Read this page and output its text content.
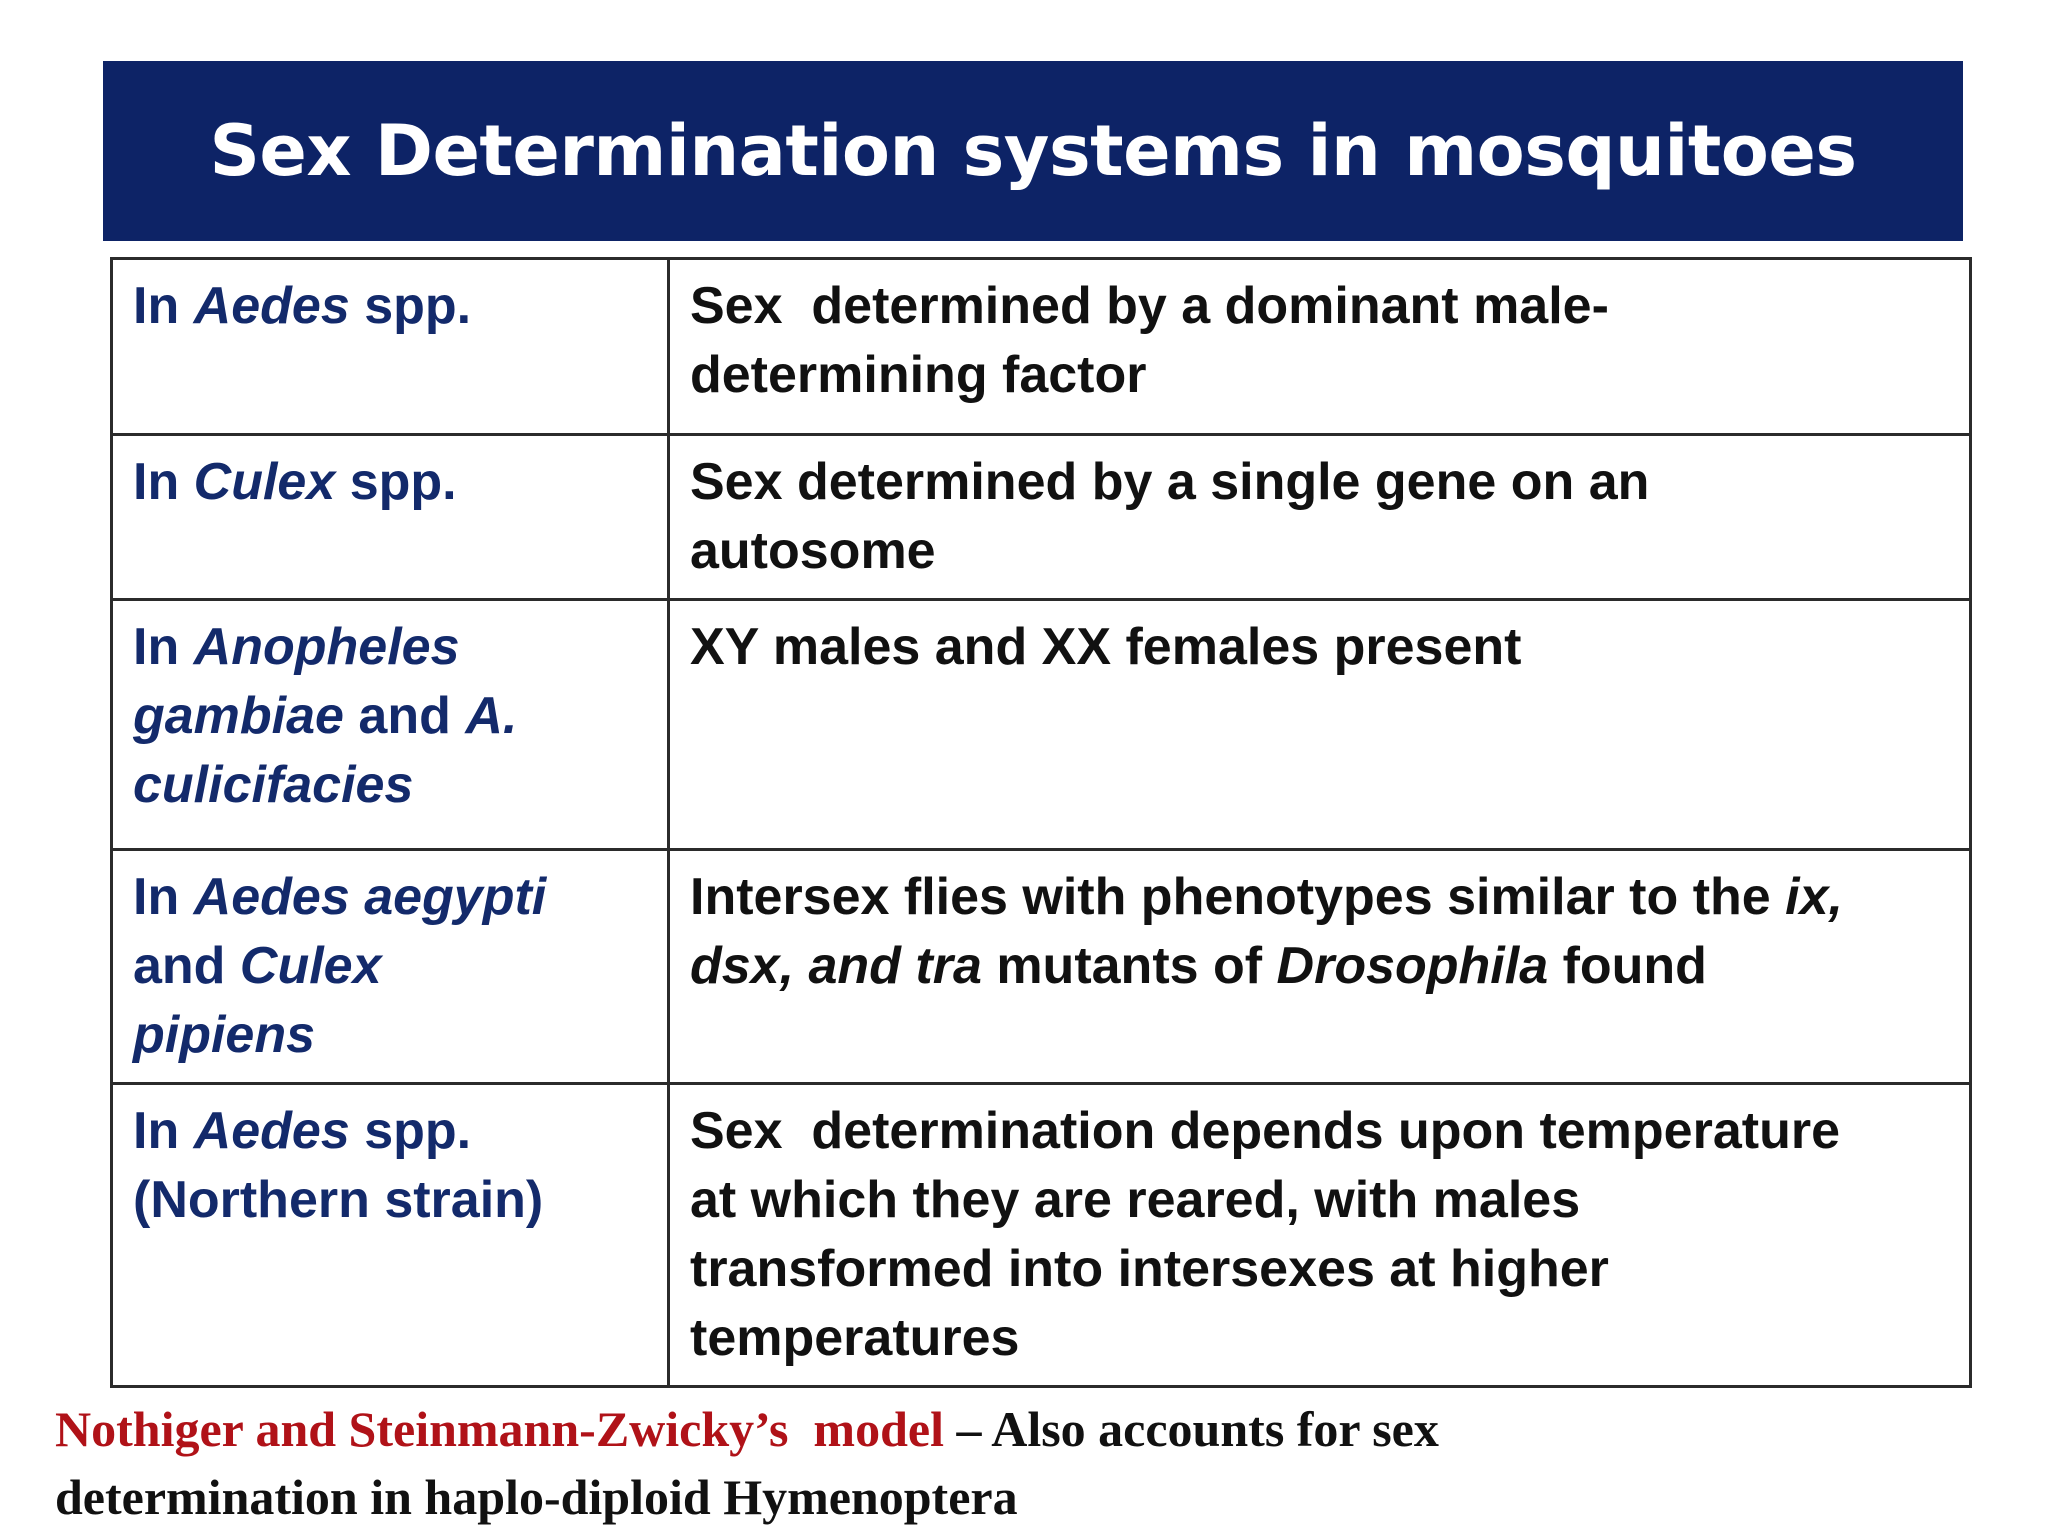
Sex Determination systems in mosquitoes
In Aedes spp.	Sex  determined by a dominant male-
determining factor
In Culex spp.	Sex determined by a single gene on an
autosome
In Anopheles
gambiae and A.
culicifacies	XY males and XX females present
In Aedes aegypti
and Culex
pipiens	Intersex flies with phenotypes similar to the ix,
dsx, and tra mutants of Drosophila found
In Aedes spp.
(Northern strain)	Sex  determination depends upon temperature
at which they are reared, with males
transformed into intersexes at higher
temperatures
Nothiger and Steinmann-Zwicky’s  model – Also accounts for sex
determination in haplo-diploid Hymenoptera
